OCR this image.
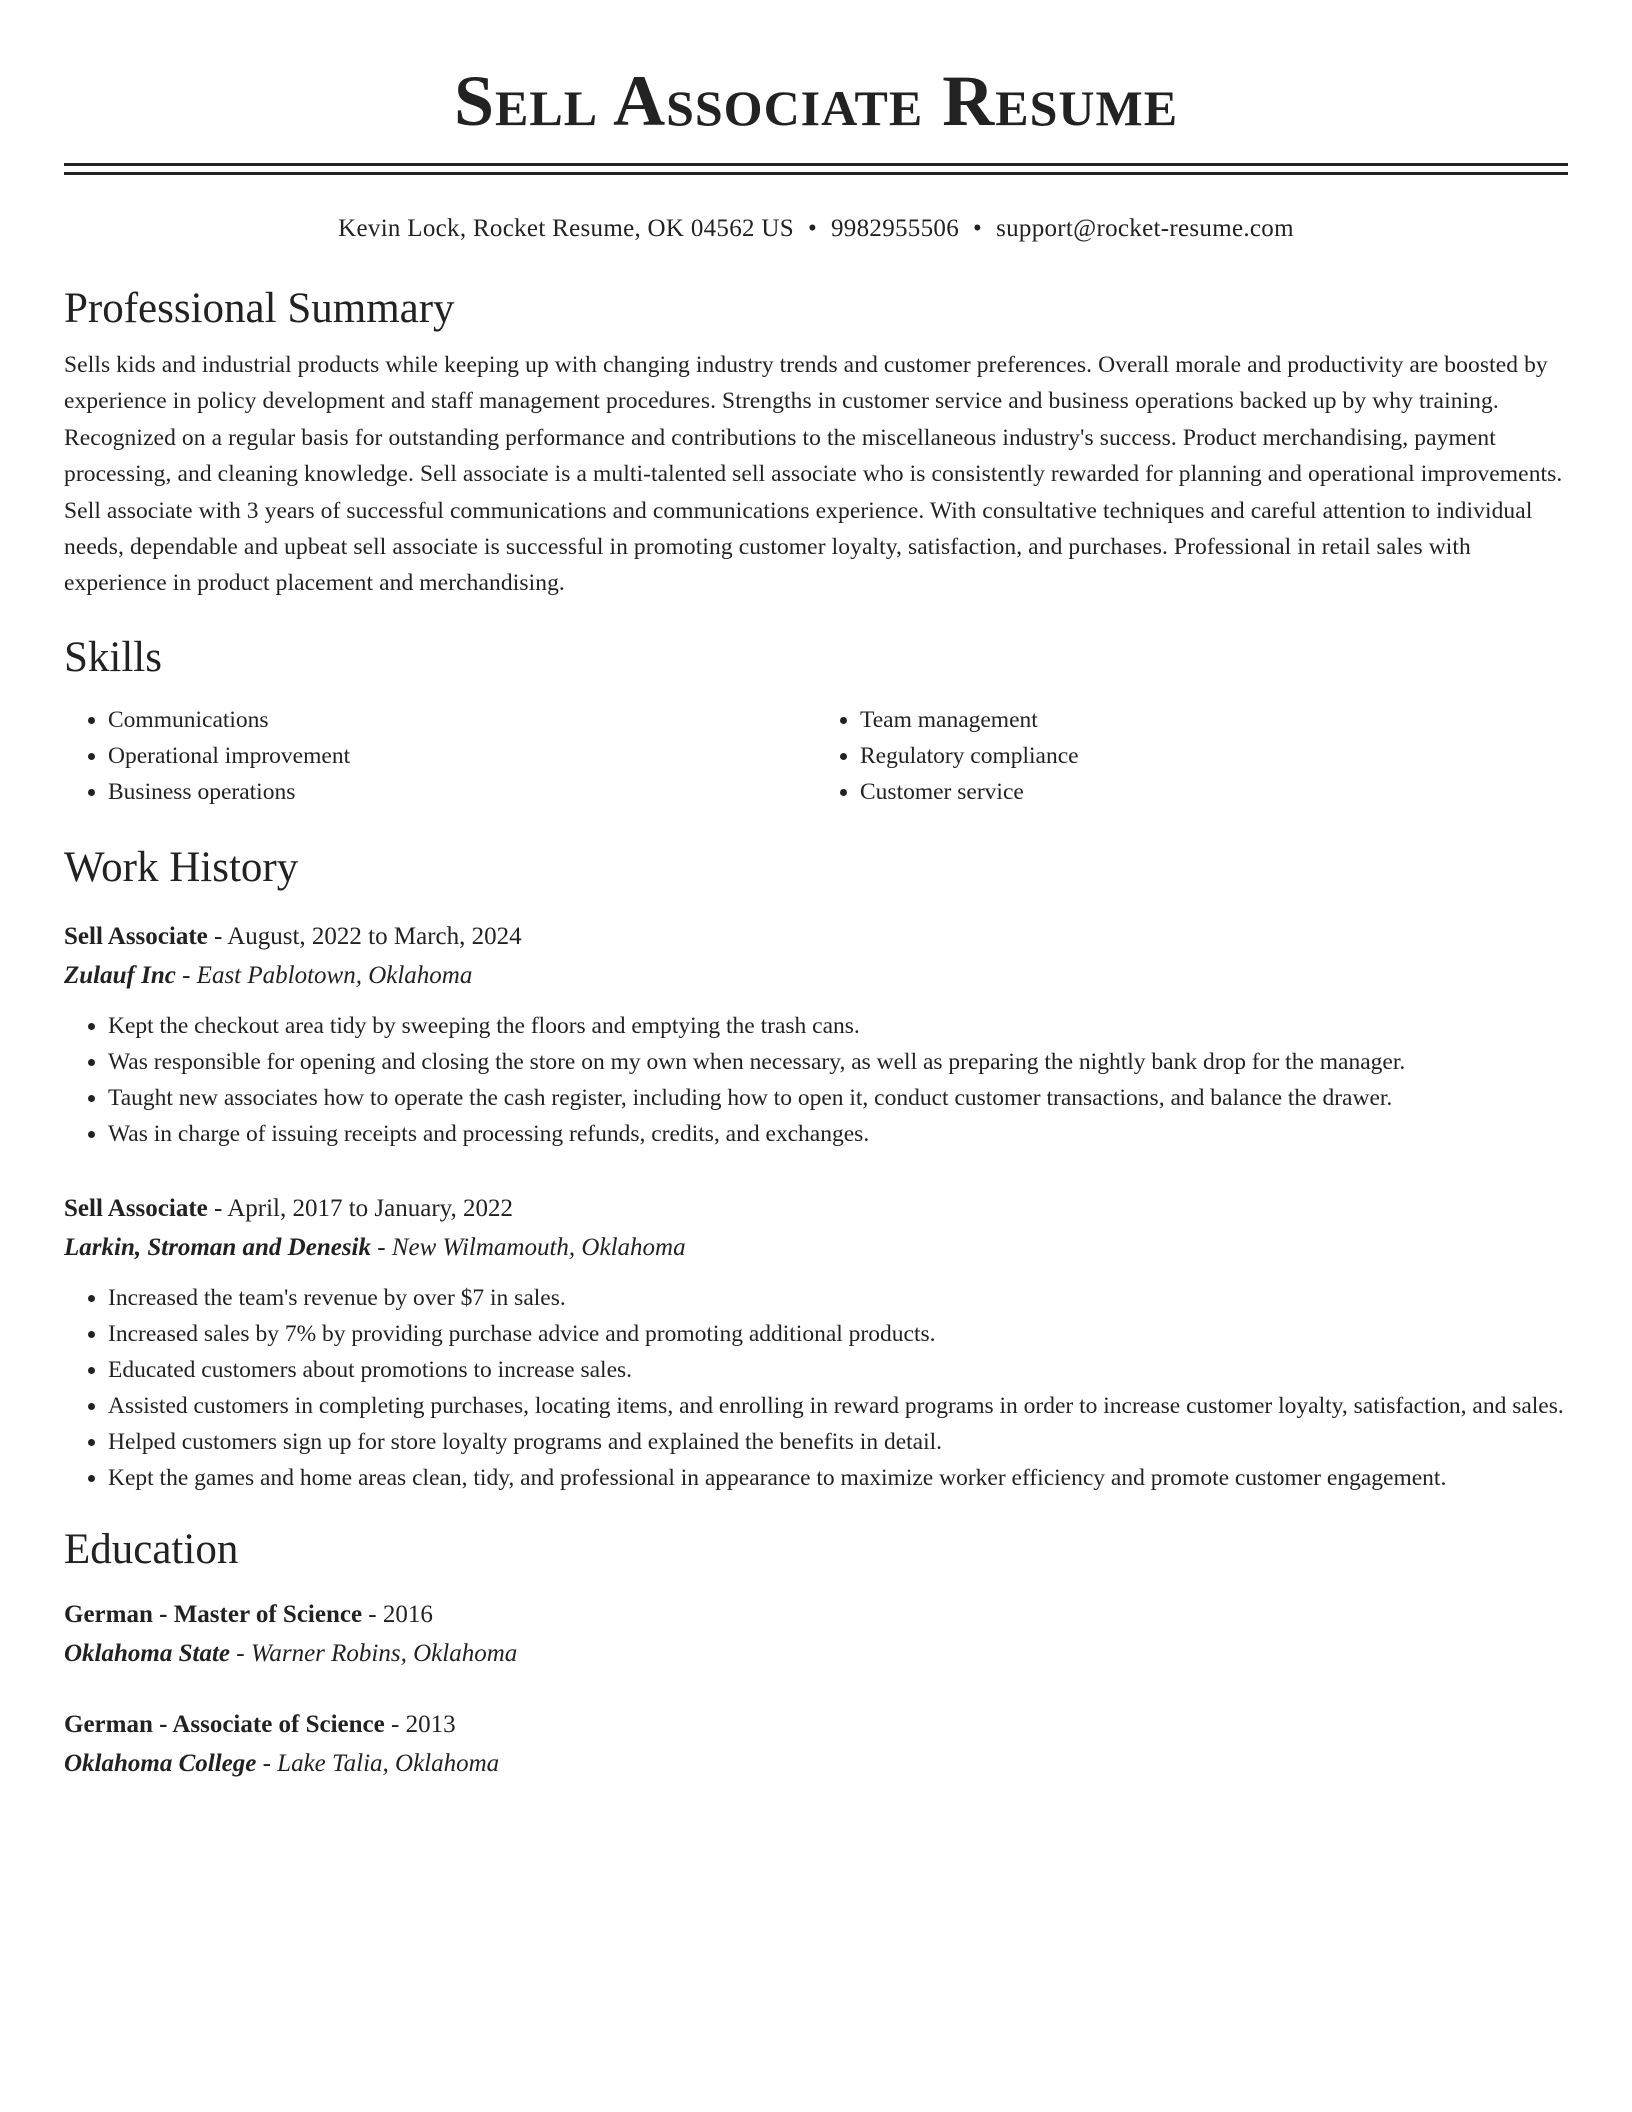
Sell Associate Resume
Kevin Lock, Rocket Resume, OK 04562 US • 9982955506 • support@rocket-resume.com
Professional Summary

Sells kids and industrial products while keeping up with changing industry trends and customer preferences. Overall morale and productivity are boosted by experience in policy development and staff management procedures. Strengths in customer service and business operations backed up by why training. Recognized on a regular basis for outstanding performance and contributions to the miscellaneous industry's success. Product merchandising, payment processing, and cleaning knowledge. Sell associate is a multi-talented sell associate who is consistently rewarded for planning and operational improvements. Sell associate with 3 years of successful communications and communications experience. With consultative techniques and careful attention to individual needs, dependable and upbeat sell associate is successful in promoting customer loyalty, satisfaction, and purchases. Professional in retail sales with experience in product placement and merchandising.

Skills
• Communications
• Operational improvement
• Business operations
• Team management
• Regulatory compliance
• Customer service
Work History
Sell Associate - August, 2022 to March, 2024
Zulauf Inc - East Pablotown, Oklahoma
• Kept the checkout area tidy by sweeping the floors and emptying the trash cans.
• Was responsible for opening and closing the store on my own when necessary, as well as preparing the nightly bank drop for the manager.
• Taught new associates how to operate the cash register, including how to open it, conduct customer transactions, and balance the drawer.
• Was in charge of issuing receipts and processing refunds, credits, and exchanges.
Sell Associate - April, 2017 to January, 2022
Larkin, Stroman and Denesik - New Wilmamouth, Oklahoma
• Increased the team's revenue by over $7 in sales.
• Increased sales by 7% by providing purchase advice and promoting additional products.
• Educated customers about promotions to increase sales.
• Assisted customers in completing purchases, locating items, and enrolling in reward programs in order to increase customer loyalty, satisfaction, and sales.
• Helped customers sign up for store loyalty programs and explained the benefits in detail.
• Kept the games and home areas clean, tidy, and professional in appearance to maximize worker efficiency and promote customer engagement.
Education
German - Master of Science - 2016
Oklahoma State - Warner Robins, Oklahoma
German - Associate of Science - 2013
Oklahoma College - Lake Talia, Oklahoma
